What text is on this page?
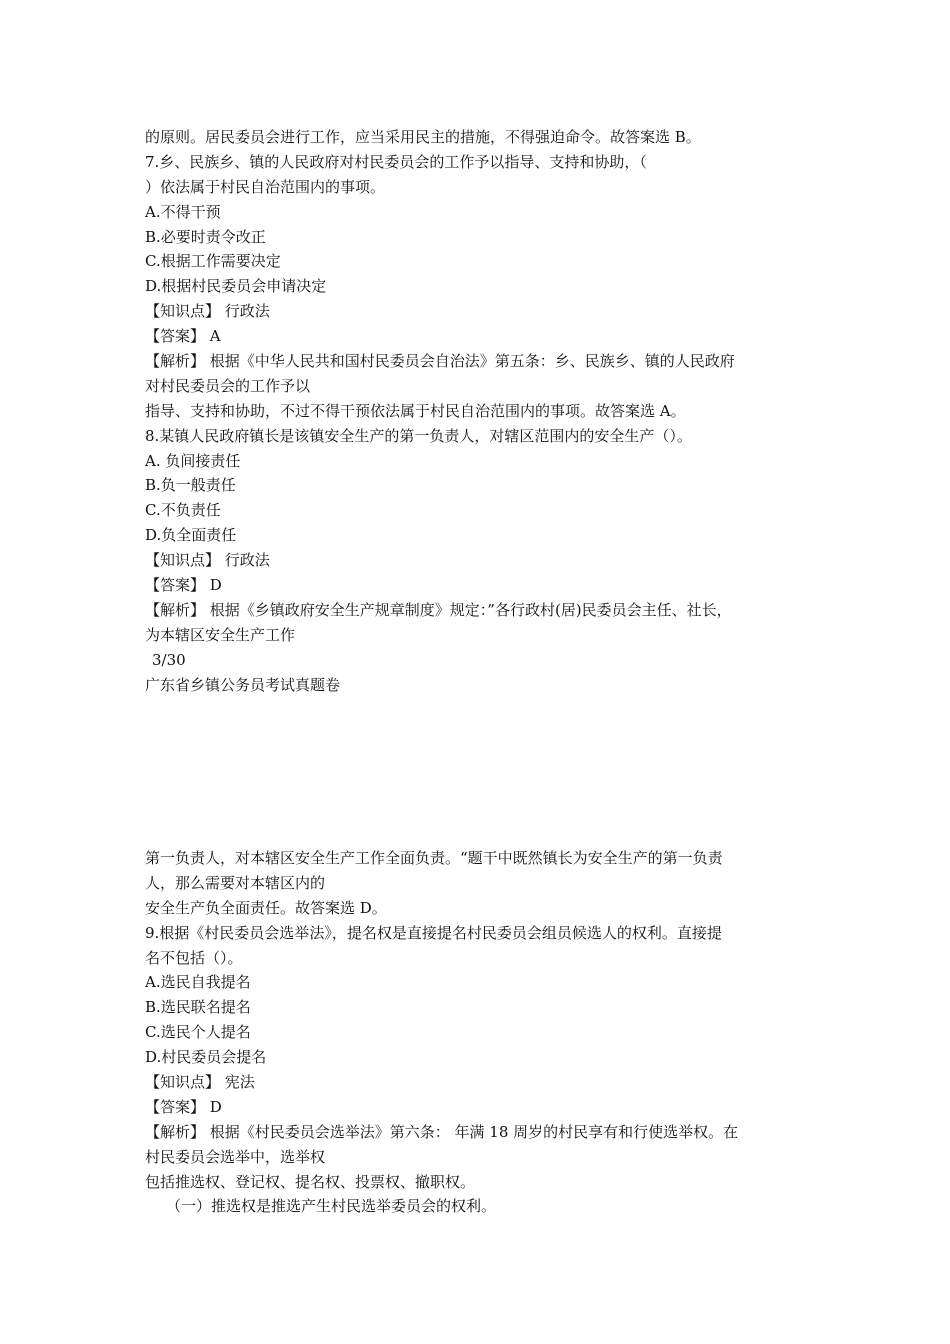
的原则。居民委员会进行工作，应当采用民主的措施，不得强迫命令。故答案选 B。
7.乡、民族乡、镇的人民政府对村民委员会的工作予以指导、支持和协助，（
）依法属于村民自治范围内的事项。
A.不得干预
B.必要时责令改正
C.根据工作需要决定
D.根据村民委员会申请决定
【知识点】 行政法
【答案】 A
【解析】 根据《中华人民共和国村民委员会自治法》第五条：乡、民族乡、镇的人民政府
对村民委员会的工作予以
指导、支持和协助，不过不得干预依法属于村民自治范围内的事项。故答案选 A。
8.某镇人民政府镇长是该镇安全生产的第一负责人，对辖区范围内的安全生产（）。
A. 负间接责任
B.负一般责任
C.不负责任
D.负全面责任
【知识点】 行政法
【答案】 D
【解析】 根据《乡镇政府安全生产规章制度》规定：”各行政村(居)民委员会主任、社长，
为本辖区安全生产工作
3/30
广东省乡镇公务员考试真题卷
第一负责人，对本辖区安全生产工作全面负责。“题干中既然镇长为安全生产的第一负责
人，那么需要对本辖区内的
安全生产负全面责任。故答案选 D。
9.根据《村民委员会选举法》，提名权是直接提名村民委员会组员候选人的权利。直接提
名不包括（）。
A.选民自我提名
B.选民联名提名
C.选民个人提名
D.村民委员会提名
【知识点】 宪法
【答案】 D
【解析】 根据《村民委员会选举法》第六条： 年满 18 周岁的村民享有和行使选举权。在
村民委员会选举中，选举权
包括推选权、登记权、提名权、投票权、撤职权。
（一）推选权是推选产生村民选举委员会的权利。
